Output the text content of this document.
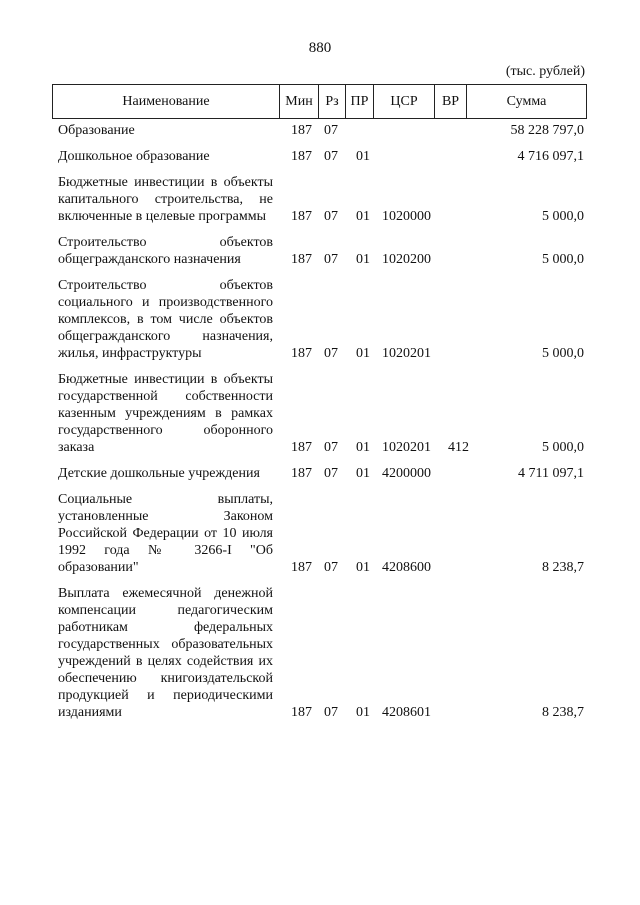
880
(тыс. рублей)
Наименование	Мин Рз ПР	ЦСР	ВР	Сумма
Образование	187 07	58 228 797,0
Дошкольное образование	187 07 01	4 716 097,1
Бюджетные инвестиции в объекты капитального строительства, не включенные в целевые программы	187 07 01 1020000	5 000,0
Строительство объектов общегражданского назначения	187 07 01 1020200	5 000,0
Строительство объектов социального и производственного комплексов, в том числе объектов общегражданского назначения, жилья, инфраструктуры	187 07 01 1020201	5 000,0
Бюджетные инвестиции в объекты государственной собственности казенным учреждениям в рамках государственного оборонного заказа	187 07 01 1020201 412	5 000,0
Детские дошкольные учреждения	187 07 01 4200000	4 711 097,1
Социальные выплаты, установленные Законом Российской Федерации от 10 июля 1992 года № 3266-I "Об образовании"	187 07 01 4208600	8 238,7
Выплата ежемесячной денежной компенсации педагогическим работникам федеральных государственных образовательных учреждений в целях содействия их обеспечению книгоиздательской продукцией и периодическими изданиями	187 07 01 4208601	8 238,7
